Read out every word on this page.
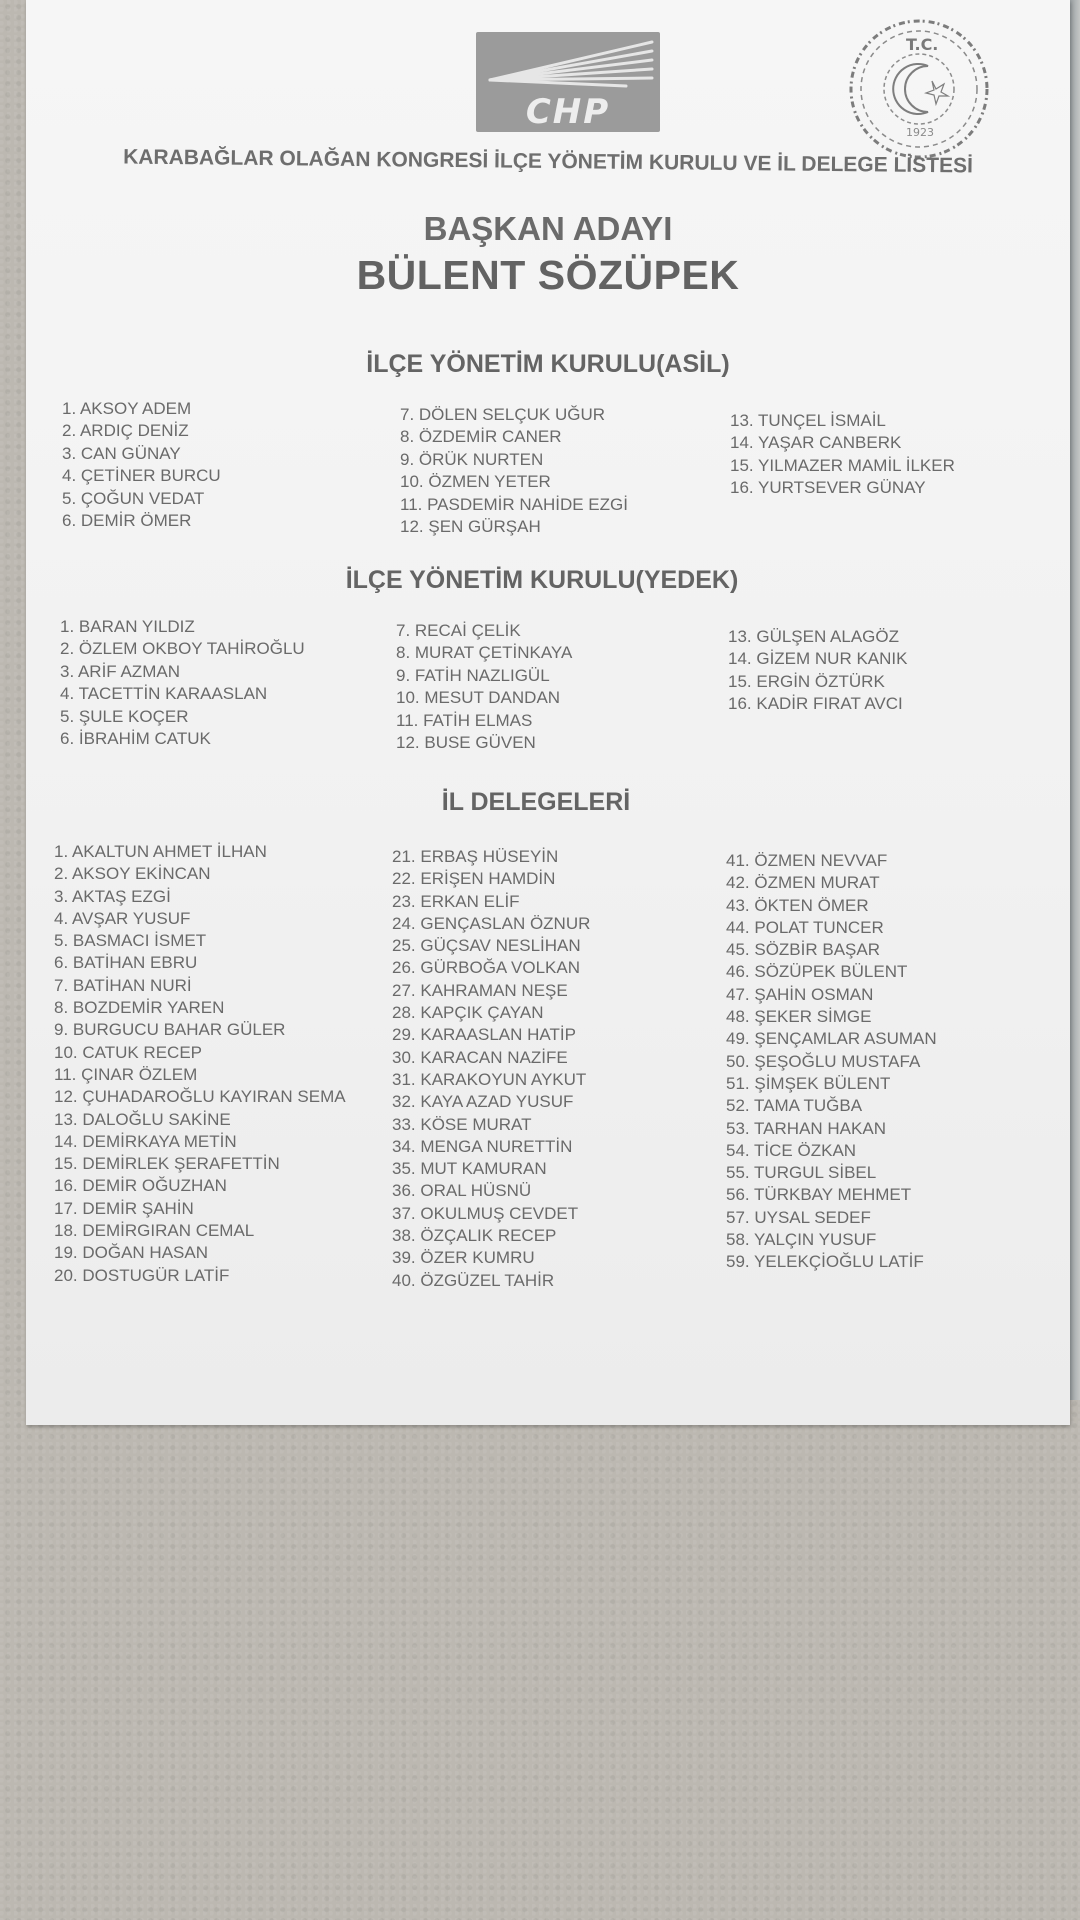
CHP
T.C.
1923
KARABAĞLAR OLAĞAN KONGRESİ İLÇE YÖNETİM KURULU VE İL DELEGE LİSTESİ
BAŞKAN ADAYI
BÜLENT SÖZÜPEK
İLÇE YÖNETİM KURULU(ASİL)
İLÇE YÖNETİM KURULU(YEDEK)
İL DELEGELERİ
1. AKSOY ADEM
2. ARDIÇ DENİZ
3. CAN GÜNAY
4. ÇETİNER BURCU
5. ÇOĞUN VEDAT
6. DEMİR ÖMER
7. DÖLEN SELÇUK UĞUR
8. ÖZDEMİR CANER
9. ÖRÜK NURTEN
10. ÖZMEN YETER
11. PASDEMİR NAHİDE EZGİ
12. ŞEN GÜRŞAH
13. TUNÇEL İSMAİL
14. YAŞAR CANBERK
15. YILMAZER MAMİL İLKER
16. YURTSEVER GÜNAY
1. BARAN YILDIZ
2. ÖZLEM OKBOY TAHİROĞLU
3. ARİF AZMAN
4. TACETTİN KARAASLAN
5. ŞULE KOÇER
6. İBRAHİM CATUK
7. RECAİ ÇELİK
8. MURAT ÇETİNKAYA
9. FATİH NAZLIGÜL
10. MESUT DANDAN
11. FATİH ELMAS
12. BUSE GÜVEN
13. GÜLŞEN ALAGÖZ
14. GİZEM NUR KANIK
15. ERGİN ÖZTÜRK
16. KADİR FIRAT AVCI
1. AKALTUN AHMET İLHAN
2. AKSOY EKİNCAN
3. AKTAŞ EZGİ
4. AVŞAR YUSUF
5. BASMACI İSMET
6. BATİHAN EBRU
7. BATİHAN NURİ
8. BOZDEMİR YAREN
9. BURGUCU BAHAR GÜLER
10. CATUK RECEP
11. ÇINAR ÖZLEM
12. ÇUHADAROĞLU KAYIRAN SEMA
13. DALOĞLU SAKİNE
14. DEMİRKAYA METİN
15. DEMİRLEK ŞERAFETTİN
16. DEMİR OĞUZHAN
17. DEMİR ŞAHİN
18. DEMİRGIRAN CEMAL
19. DOĞAN HASAN
20. DOSTUGÜR LATİF
21. ERBAŞ HÜSEYİN
22. ERİŞEN HAMDİN
23. ERKAN ELİF
24. GENÇASLAN ÖZNUR
25. GÜÇSAV NESLİHAN
26. GÜRBOĞA VOLKAN
27. KAHRAMAN NEŞE
28. KAPÇIK ÇAYAN
29. KARAASLAN HATİP
30. KARACAN NAZİFE
31. KARAKOYUN AYKUT
32. KAYA AZAD YUSUF
33. KÖSE MURAT
34. MENGA NURETTİN
35. MUT KAMURAN
36. ORAL HÜSNÜ
37. OKULMUŞ CEVDET
38. ÖZÇALIK RECEP
39. ÖZER KUMRU
40. ÖZGÜZEL TAHİR
41. ÖZMEN NEVVAF
42. ÖZMEN MURAT
43. ÖKTEN ÖMER
44. POLAT TUNCER
45. SÖZBİR BAŞAR
46. SÖZÜPEK BÜLENT
47. ŞAHİN OSMAN
48. ŞEKER SİMGE
49. ŞENÇAMLAR ASUMAN
50. ŞEŞOĞLU MUSTAFA
51. ŞİMŞEK BÜLENT
52. TAMA TUĞBA
53. TARHAN HAKAN
54. TİCE ÖZKAN
55. TURGUL SİBEL
56. TÜRKBAY MEHMET
57. UYSAL SEDEF
58. YALÇIN YUSUF
59. YELEKÇİOĞLU LATİF
